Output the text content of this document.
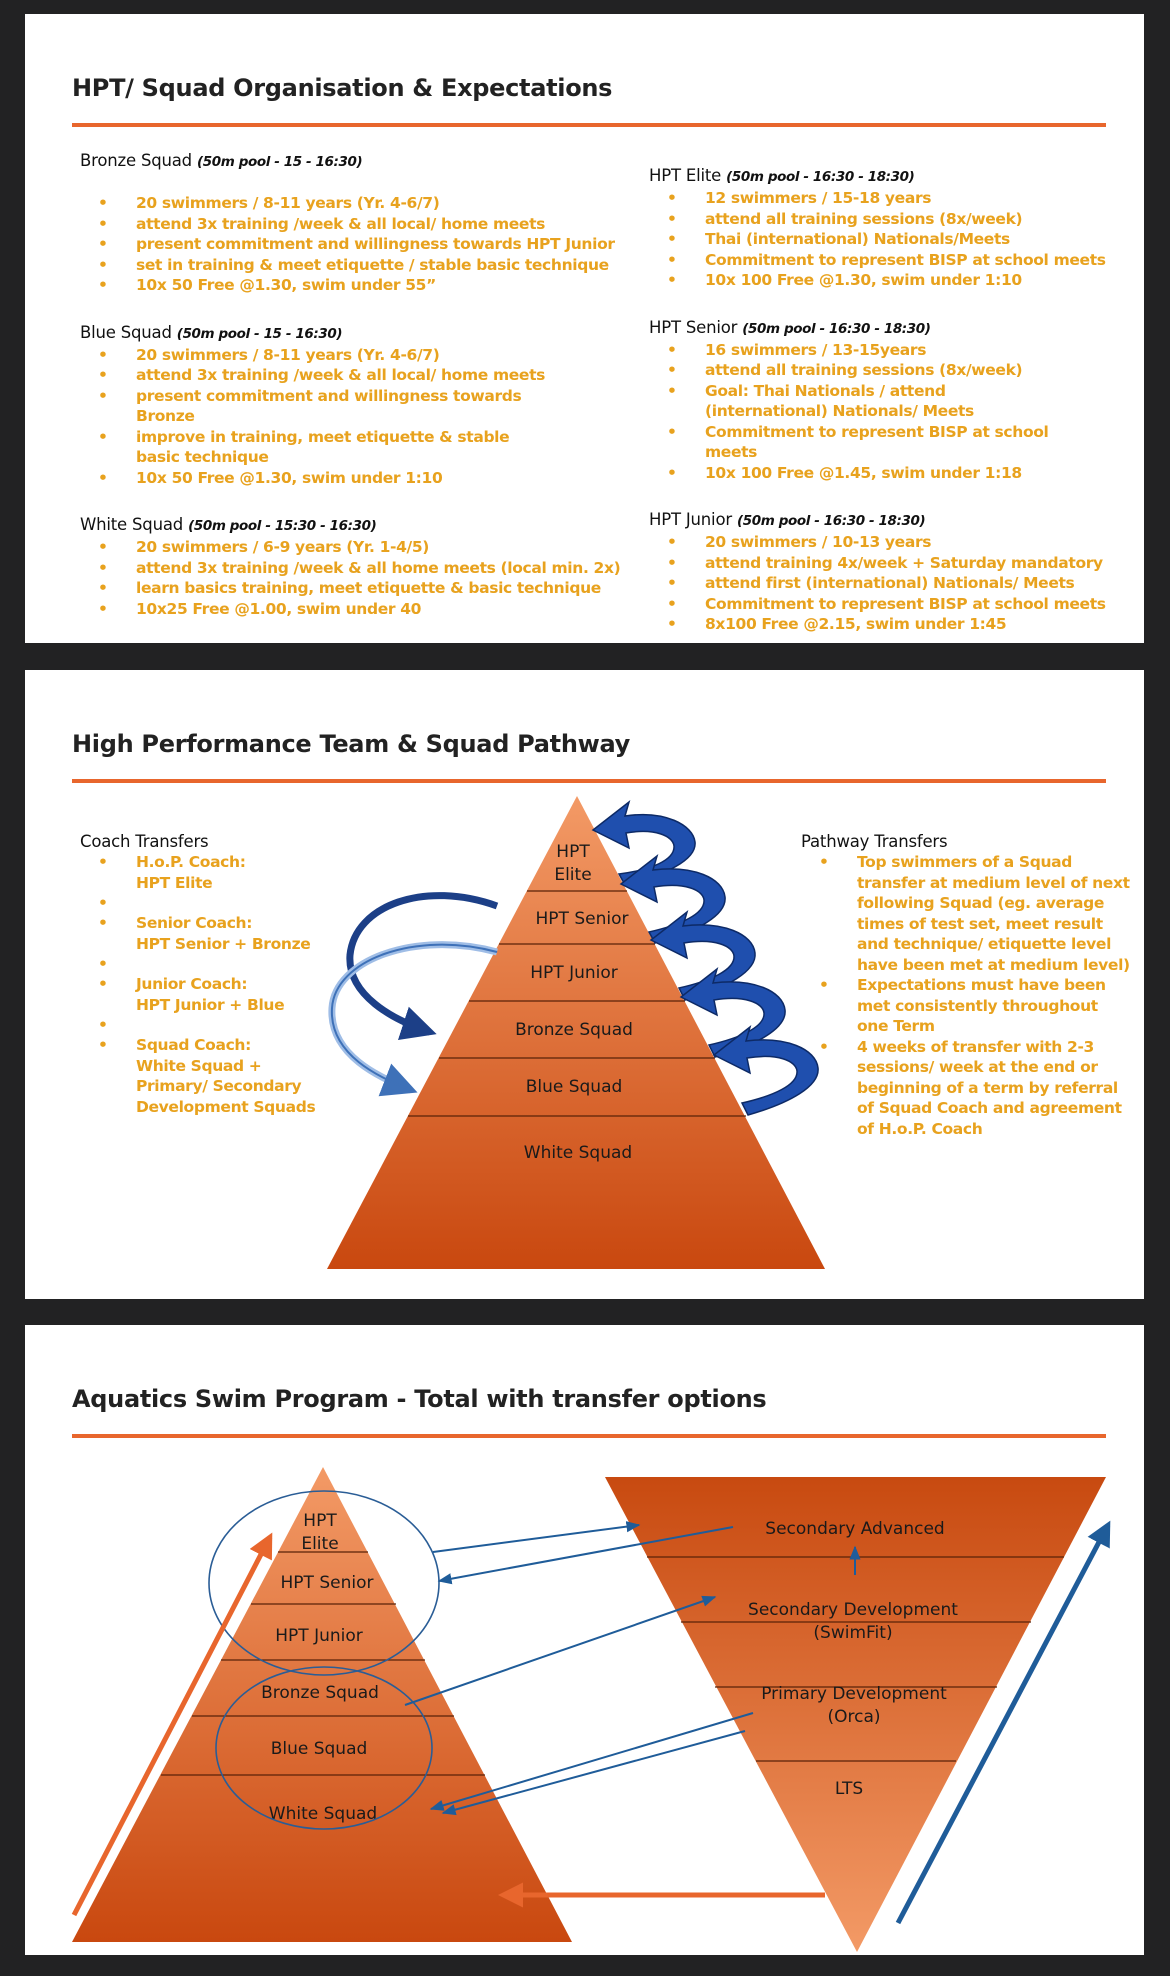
HPT/ Squad Organisation & Expectations
Bronze Squad (50m pool - 15 - 16:30)
• 20 swimmers / 8-11 years (Yr. 4-6/7)
• attend 3x training /week & all local/ home meets
• present commitment and willingness towards HPT Junior
• set in training & meet etiquette / stable basic technique
• 10x 50 Free @1.30, swim under 55”
Blue Squad (50m pool - 15 - 16:30)
• 20 swimmers / 8-11 years (Yr. 4-6/7)
• attend 3x training /week & all local/ home meets
• present commitment and willingness towards Bronze
• improve in training, meet etiquette & stable basic technique
• 10x 50 Free @1.30, swim under 1:10
White Squad (50m pool - 15:30 - 16:30)
• 20 swimmers / 6-9 years (Yr. 1-4/5)
• attend 3x training /week & all home meets (local min. 2x)
• learn basics training, meet etiquette & basic technique
• 10x25 Free @1.00, swim under 40
HPT Elite (50m pool - 16:30 - 18:30)
• 12 swimmers / 15-18 years
• attend all training sessions (8x/week)
• Thai (international) Nationals/Meets
• Commitment to represent BISP at school meets
• 10x 100 Free @1.30, swim under 1:10
HPT Senior (50m pool - 16:30 - 18:30)
• 16 swimmers / 13-15years
• attend all training sessions (8x/week)
• Goal: Thai Nationals / attend (international) Nationals/ Meets
• Commitment to represent BISP at school meets
• 10x 100 Free @1.45, swim under 1:18
HPT Junior (50m pool - 16:30 - 18:30)
• 20 swimmers / 10-13 years
• attend training 4x/week + Saturday mandatory
• attend first (international) Nationals/ Meets
• Commitment to represent BISP at school meets
• 8x100 Free @2.15, swim under 1:45
High Performance Team & Squad Pathway
Coach Transfers
• H.o.P. Coach:
HPT Elite
•
• Senior Coach:
HPT Senior + Bronze
•
• Junior Coach:
HPT Junior + Blue
•
• Squad Coach:
White Squad + Primary/ Secondary Development Squads
Pathway Transfers
• Top swimmers of a Squad transfer at medium level of next following Squad (eg. average times of test set, meet result and technique/ etiquette level have been met at medium level)
• Expectations must have been met consistently throughout one Term
• 4 weeks of transfer with 2-3 sessions/ week at the end or beginning of a term by referral of Squad Coach and agreement of H.o.P. Coach
HPT
Elite
HPT Senior
HPT Junior
Bronze Squad
Blue Squad
White Squad
Aquatics Swim Program - Total with transfer options
HPT
Elite
HPT Senior
HPT Junior
Bronze Squad
Blue Squad
White Squad
Secondary Advanced
Secondary Development
(SwimFit)
Primary Development
(Orca)
LTS
